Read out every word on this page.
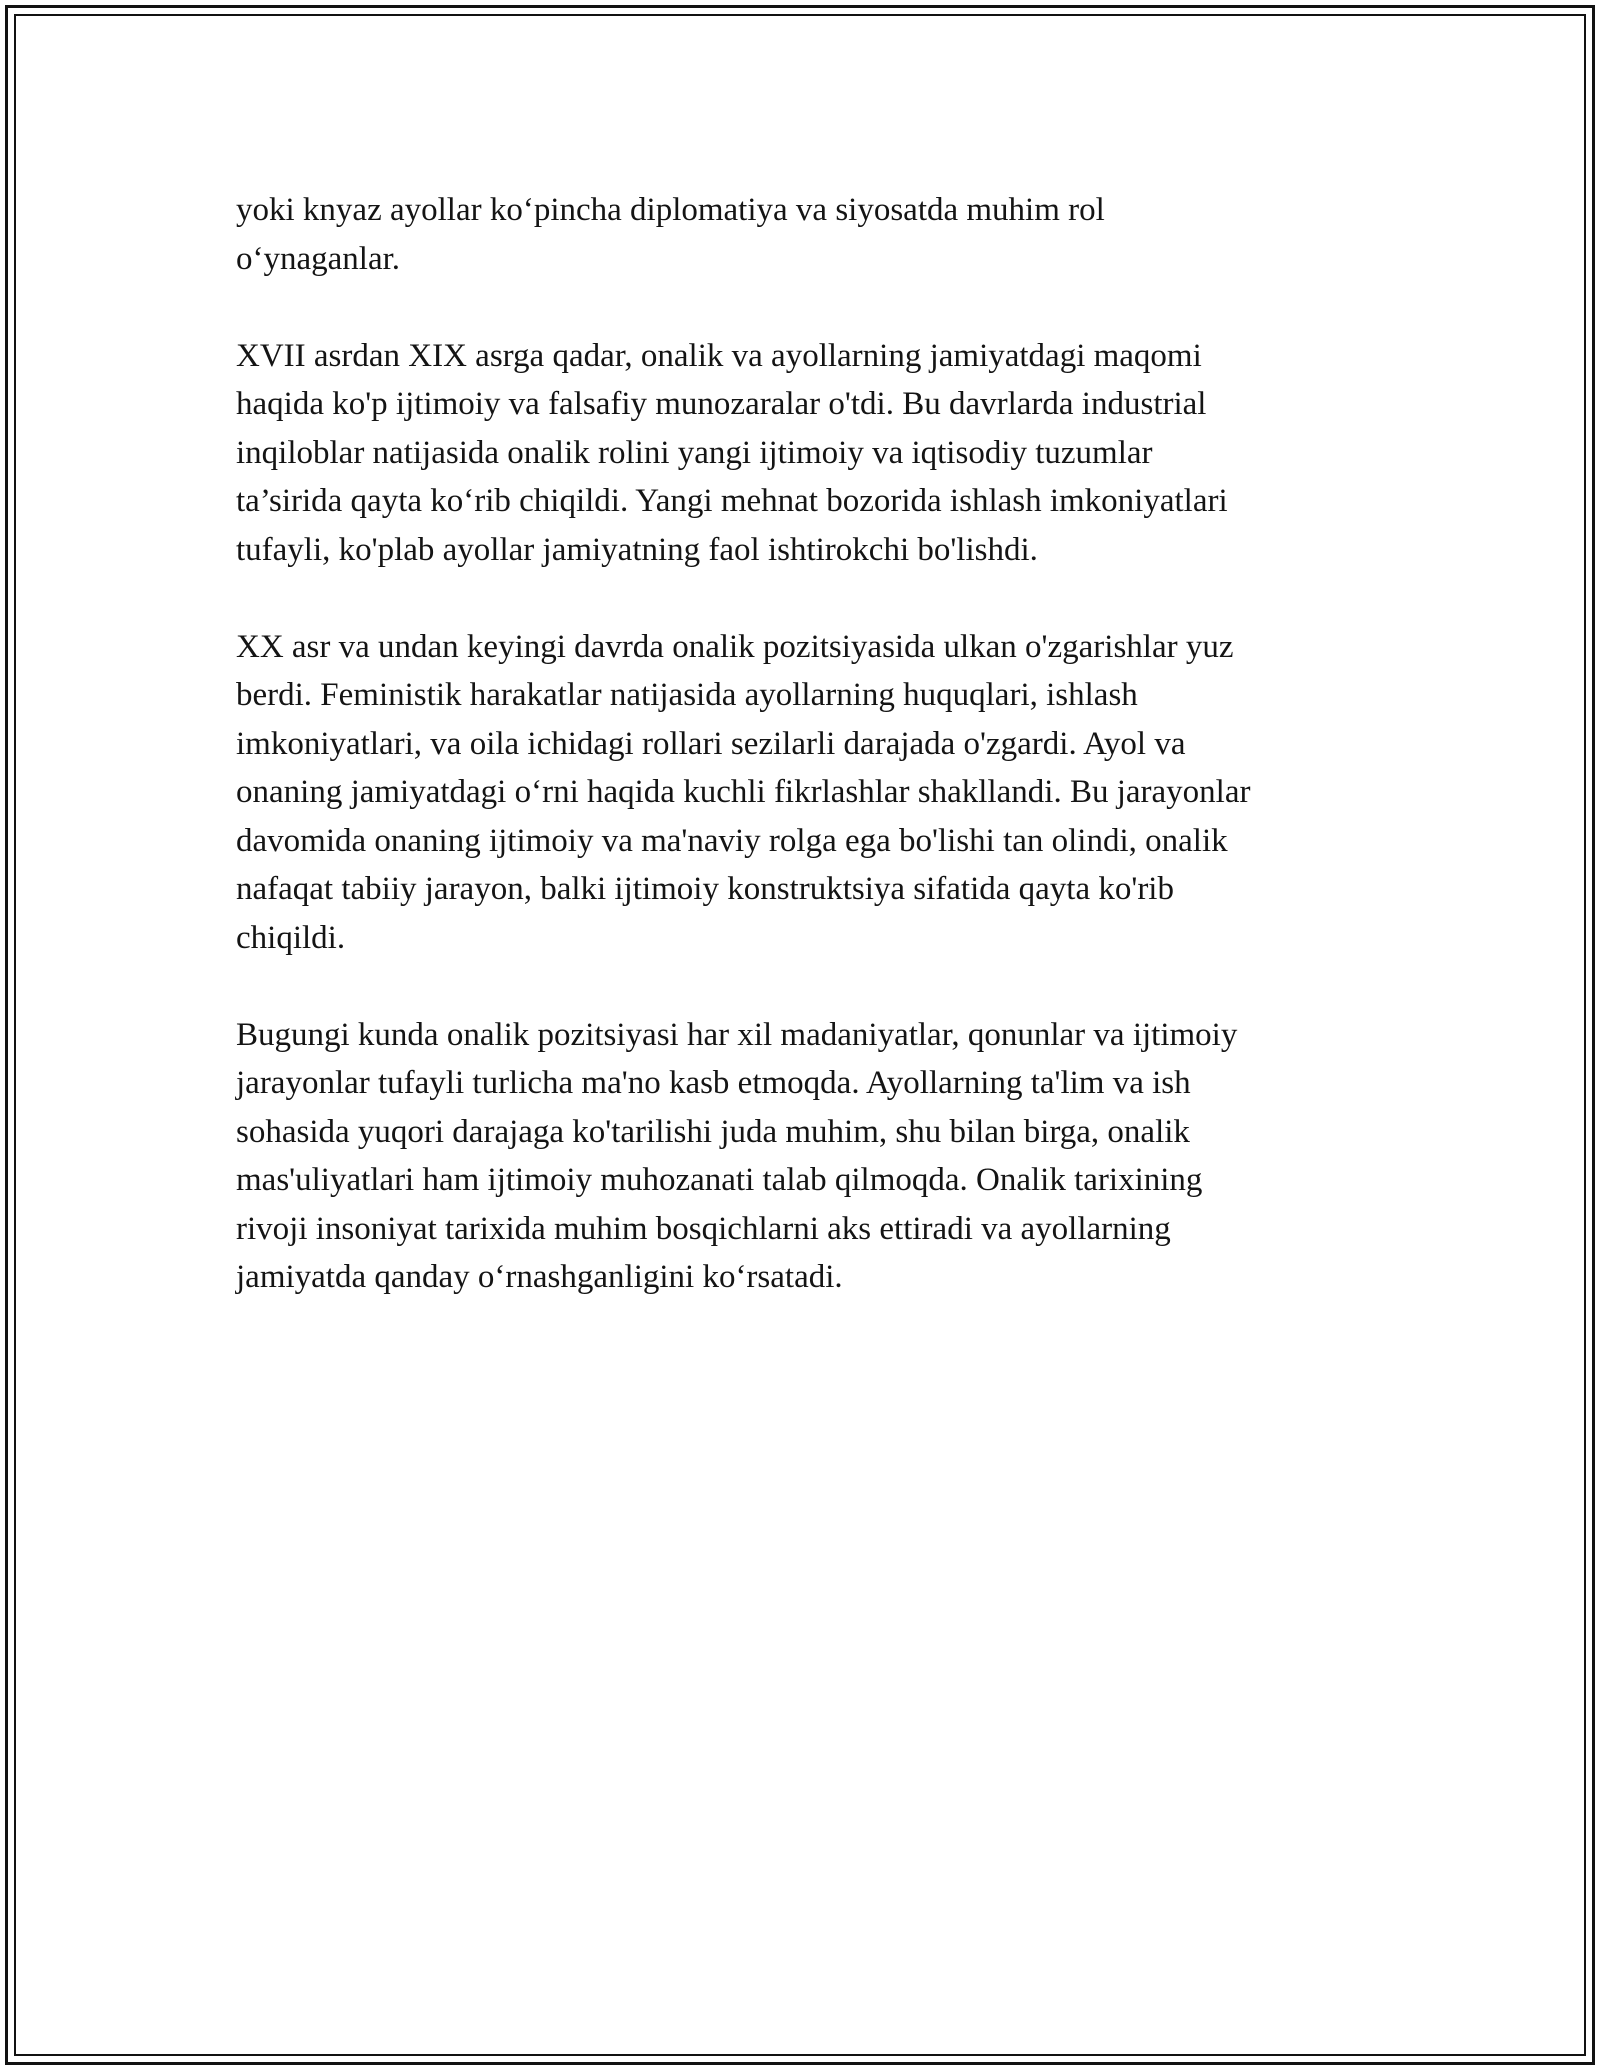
yoki knyaz ayollar ko‘pincha diplomatiya va siyosatda muhim rol
o‘ynaganlar.

XVII asrdan XIX asrga qadar, onalik va ayollarning jamiyatdagi maqomi
haqida ko'p ijtimoiy va falsafiy munozaralar o'tdi. Bu davrlarda industrial
inqiloblar natijasida onalik rolini yangi ijtimoiy va iqtisodiy tuzumlar
ta’sirida qayta ko‘rib chiqildi. Yangi mehnat bozorida ishlash imkoniyatlari
tufayli, ko'plab ayollar jamiyatning faol ishtirokchi bo'lishdi.

XX asr va undan keyingi davrda onalik pozitsiyasida ulkan o'zgarishlar yuz
berdi. Feministik harakatlar natijasida ayollarning huquqlari, ishlash
imkoniyatlari, va oila ichidagi rollari sezilarli darajada o'zgardi. Ayol va
onaning jamiyatdagi o‘rni haqida kuchli fikrlashlar shakllandi. Bu jarayonlar
davomida onaning ijtimoiy va ma'naviy rolga ega bo'lishi tan olindi, onalik
nafaqat tabiiy jarayon, balki ijtimoiy konstruktsiya sifatida qayta ko'rib
chiqildi.

Bugungi kunda onalik pozitsiyasi har xil madaniyatlar, qonunlar va ijtimoiy
jarayonlar tufayli turlicha ma'no kasb etmoqda. Ayollarning ta'lim va ish
sohasida yuqori darajaga ko'tarilishi juda muhim, shu bilan birga, onalik
mas'uliyatlari ham ijtimoiy muhozanati talab qilmoqda. Onalik tarixining
rivoji insoniyat tarixida muhim bosqichlarni aks ettiradi va ayollarning
jamiyatda qanday o‘rnashganligini ko‘rsatadi.
